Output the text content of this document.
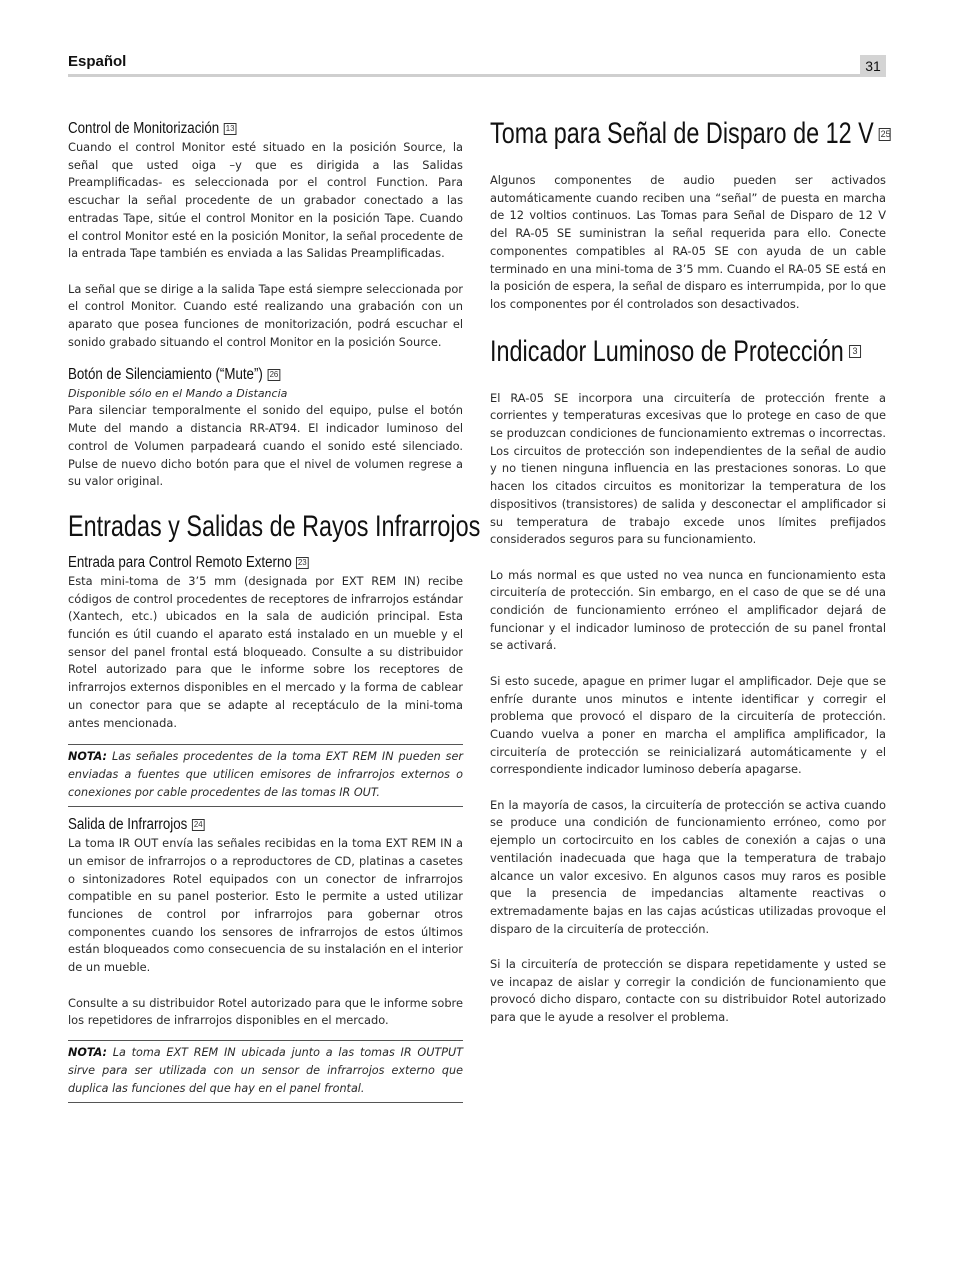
Español	31
Control de Monitorización 13

Cuando el control Monitor esté situado en la posición Source, la señal que usted oiga –y que es dirigida a las Salidas Preamplificadas- es seleccionada por el control Function. Para escuchar la señal procedente de un grabador conectado a las entradas Tape, sitúe el control Monitor en la posición Tape. Cuando el control Monitor esté en la posición Monitor, la señal procedente de la entrada Tape también es enviada a las Salidas Preamplificadas.

La señal que se dirige a la salida Tape está siempre seleccionada por el control Monitor. Cuando esté realizando una grabación con un aparato que posea funciones de monitorización, podrá escuchar el sonido grabado situando el control Monitor en la posición Source.

Botón de Silenciamiento (“Mute”) 26

Disponible sólo en el Mando a Distancia

Para silenciar temporalmente el sonido del equipo, pulse el botón Mute del mando a distancia RR-AT94. El indicador luminoso del control de Volumen parpadeará cuando el sonido esté silenciado. Pulse de nuevo dicho botón para que el nivel de volumen regrese a su valor original.

Entradas y Salidas de Rayos Infrarrojos
Entrada para Control Remoto Externo 23

Esta mini-toma de 3’5 mm (designada por EXT REM IN) recibe códigos de control procedentes de receptores de infrarrojos estándar (Xantech, etc.) ubicados en la sala de audición principal. Esta función es útil cuando el aparato está instalado en un mueble y el sensor del panel frontal está bloqueado. Consulte a su distribuidor Rotel autorizado para que le informe sobre los receptores de infrarrojos externos disponibles en el mercado y la forma de cablear un conector para que se adapte al receptáculo de la mini-toma antes mencionada.

NOTA: Las señales procedentes de la toma EXT REM IN pueden ser enviadas a fuentes que utilicen emisores de infrarrojos externos o conexiones por cable procedentes de las tomas IR OUT.
Salida de Infrarrojos 24

La toma IR OUT envía las señales recibidas en la toma EXT REM IN a un emisor de infrarrojos o a reproductores de CD, platinas a casetes o sintonizadores Rotel equipados con un conector de infrarrojos compatible en su panel posterior. Esto le permite a usted utilizar funciones de control por infrarrojos para gobernar otros componentes cuando los sensores de infrarrojos de estos últimos están bloqueados como consecuencia de su instalación en el interior de un mueble.

Consulte a su distribuidor Rotel autorizado para que le informe sobre los repetidores de infrarrojos disponibles en el mercado.

NOTA: La toma EXT REM IN ubicada junto a las tomas IR OUTPUT sirve para ser utilizada con un sensor de infrarrojos externo que duplica las funciones del que hay en el panel frontal.
Toma para Señal de Disparo de 12 V 25

Algunos componentes de audio pueden ser activados automáticamente cuando reciben una “señal” de puesta en marcha de 12 voltios continuos. Las Tomas para Señal de Disparo de 12 V del RA-05 SE suministran la señal requerida para ello. Conecte componentes compatibles al RA-05 SE con ayuda de un cable terminado en una mini-toma de 3’5 mm. Cuando el RA-05 SE está en la posición de espera, la señal de disparo es interrumpida, por lo que los componentes por él controlados son desactivados.

Indicador Luminoso de Protección 3

El RA-05 SE incorpora una circuitería de protección frente a corrientes y temperaturas excesivas que lo protege en caso de que se produzcan condiciones de funcionamiento extremas o incorrectas. Los circuitos de protección son independientes de la señal de audio y no tienen ninguna influencia en las prestaciones sonoras. Lo que hacen los citados circuitos es monitorizar la temperatura de los dispositivos (transistores) de salida y desconectar el amplificador si su temperatura de trabajo excede unos límites prefijados considerados seguros para su funcionamiento.

Lo más normal es que usted no vea nunca en funcionamiento esta circuitería de protección. Sin embargo, en el caso de que se dé una condición de funcionamiento erróneo el amplificador dejará de funcionar y el indicador luminoso de protección de su panel frontal se activará.

Si esto sucede, apague en primer lugar el amplificador. Deje que se enfríe durante unos minutos e intente identificar y corregir el problema que provocó el disparo de la circuitería de protección. Cuando vuelva a poner en marcha el amplifica amplificador, la circuitería de protección se reinicializará automáticamente y el correspondiente indicador luminoso debería apagarse.

En la mayoría de casos, la circuitería de protección se activa cuando se produce una condición de funcionamiento erróneo, como por ejemplo un cortocircuito en los cables de conexión a cajas o una ventilación inadecuada que haga que la temperatura de trabajo alcance un valor excesivo. En algunos casos muy raros es posible que la presencia de impedancias altamente reactivas o extremadamente bajas en las cajas acústicas utilizadas provoque el disparo de la circuitería de protección.

Si la circuitería de protección se dispara repetidamente y usted se ve incapaz de aislar y corregir la condición de funcionamiento que provocó dicho disparo, contacte con su distribuidor Rotel autorizado para que le ayude a resolver el problema.
